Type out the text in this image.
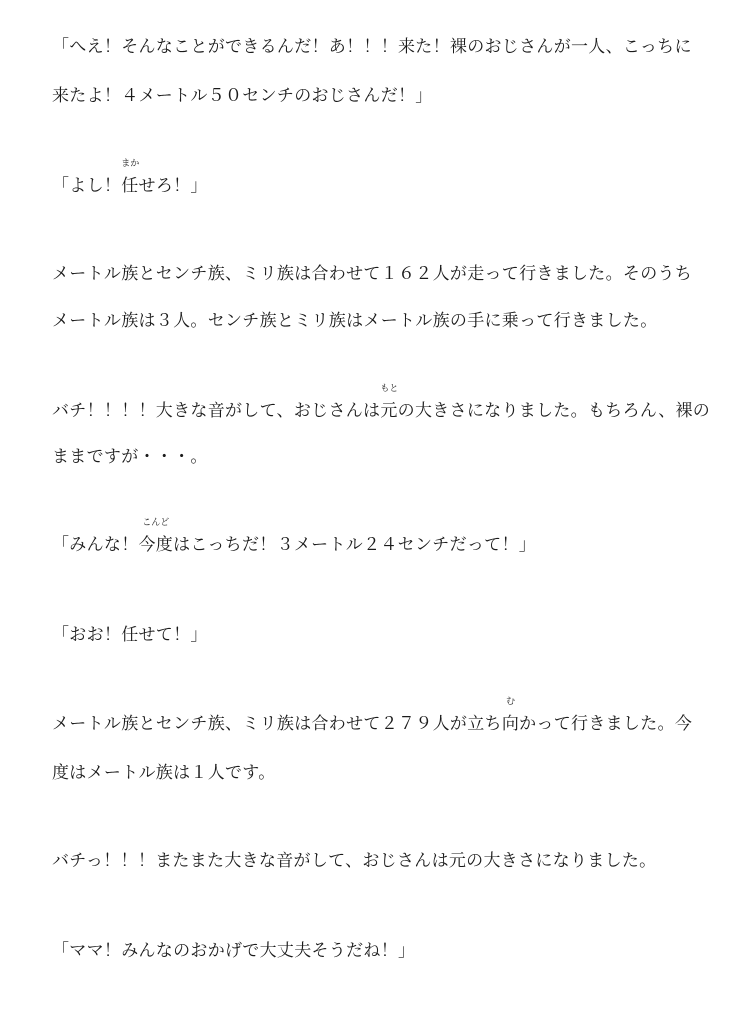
「へえ！そんなことができるんだ！あ！！！来た！裸のおじさんが一人、こっちに
来たよ！４メートル５０センチのおじさんだ！」
「よし！
まか
任せろ！」
メートル族とセンチ族、ミリ族は合わせて１６２人が走って行きました。そのうち
メートル族は３人。センチ族とミリ族はメートル族の手に乗って行きました。
バチ！！！！大きな音がして、おじさんは
もと
元の大きさになりました。もちろん、裸の
ままですが・・・。
「みんな！
こんど
今度はこっちだ！３メートル２４センチだって！」
「おお！任せて！」
メートル族とセンチ族、ミリ族は合わせて２７９人が立ち
む
向かって行きました。今
度はメートル族は１人です。
バチっ！！！またまた大きな音がして、おじさんは元の大きさになりました。
「ママ！みんなのおかげで大丈夫そうだね！」
